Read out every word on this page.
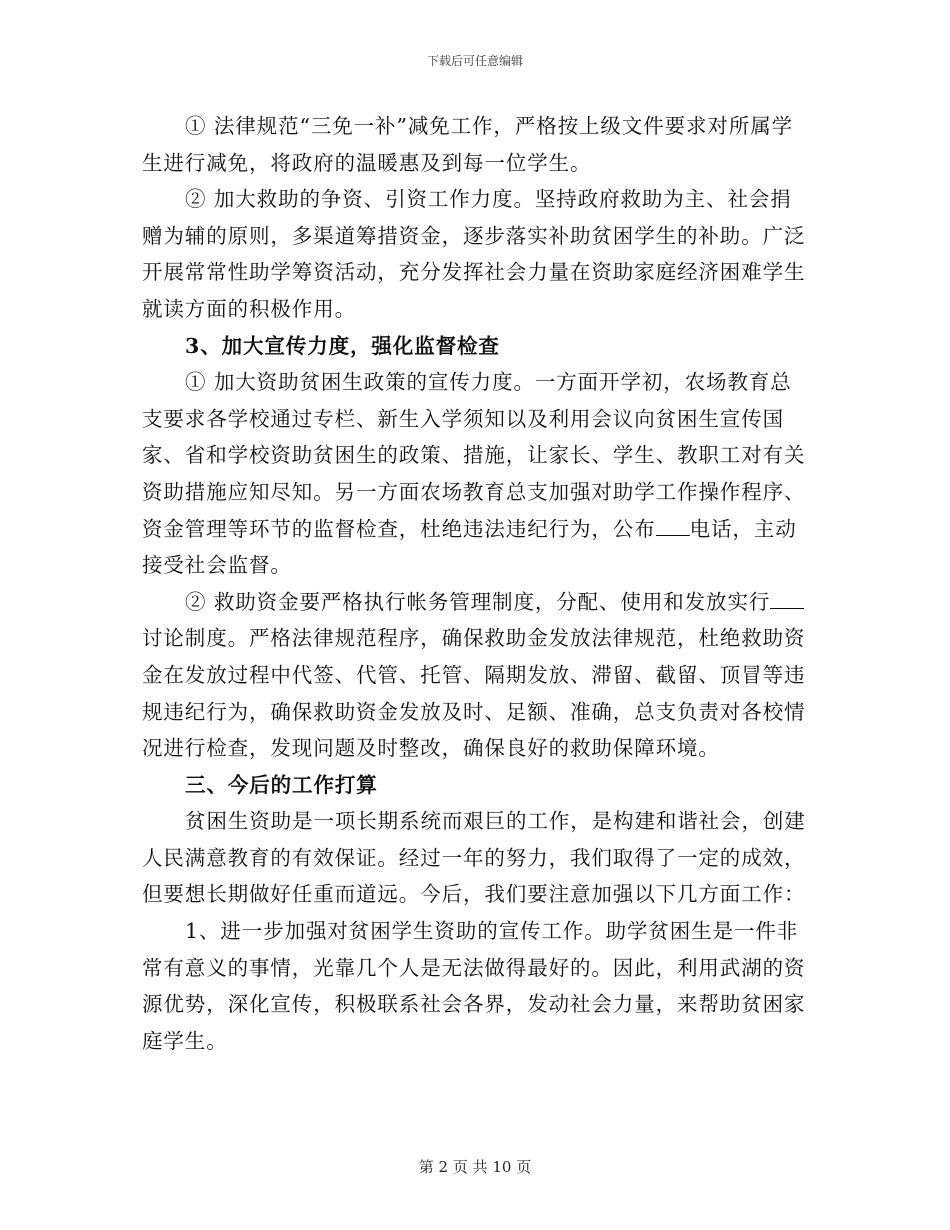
下载后可任意编辑

① 法律规范“三免一补”减免工作，严格按上级文件要求对所属学生进行减免，将政府的温暖惠及到每一位学生。

② 加大救助的争资、引资工作力度。坚持政府救助为主、社会捐赠为辅的原则，多渠道筹措资金，逐步落实补助贫困学生的补助。广泛开展常常性助学筹资活动，充分发挥社会力量在资助家庭经济困难学生就读方面的积极作用。

3、加大宣传力度，强化监督检查

① 加大资助贫困生政策的宣传力度。一方面开学初，农场教育总支要求各学校通过专栏、新生入学须知以及利用会议向贫困生宣传国家、省和学校资助贫困生的政策、措施，让家长、学生、教职工对有关资助措施应知尽知。另一方面农场教育总支加强对助学工作操作程序、资金管理等环节的监督检查，杜绝违法违纪行为，公布 电话，主动接受社会监督。

② 救助资金要严格执行帐务管理制度，分配、使用和发放实行讨论制度。严格法律规范程序，确保救助金发放法律规范，杜绝救助资金在发放过程中代签、代管、托管、隔期发放、滞留、截留、顶冒等违规违纪行为，确保救助资金发放及时、足额、准确，总支负责对各校情况进行检查，发现问题及时整改，确保良好的救助保障环境。

三、今后的工作打算

贫困生资助是一项长期系统而艰巨的工作，是构建和谐社会，创建人民满意教育的有效保证。经过一年的努力，我们取得了一定的成效，但要想长期做好任重而道远。今后，我们要注意加强以下几方面工作：

1、进一步加强对贫困学生资助的宣传工作。助学贫困生是一件非常有意义的事情，光靠几个人是无法做得最好的。因此，利用武湖的资源优势，深化宣传，积极联系社会各界，发动社会力量，来帮助贫困家庭学生。

第 2 页 共 10 页
